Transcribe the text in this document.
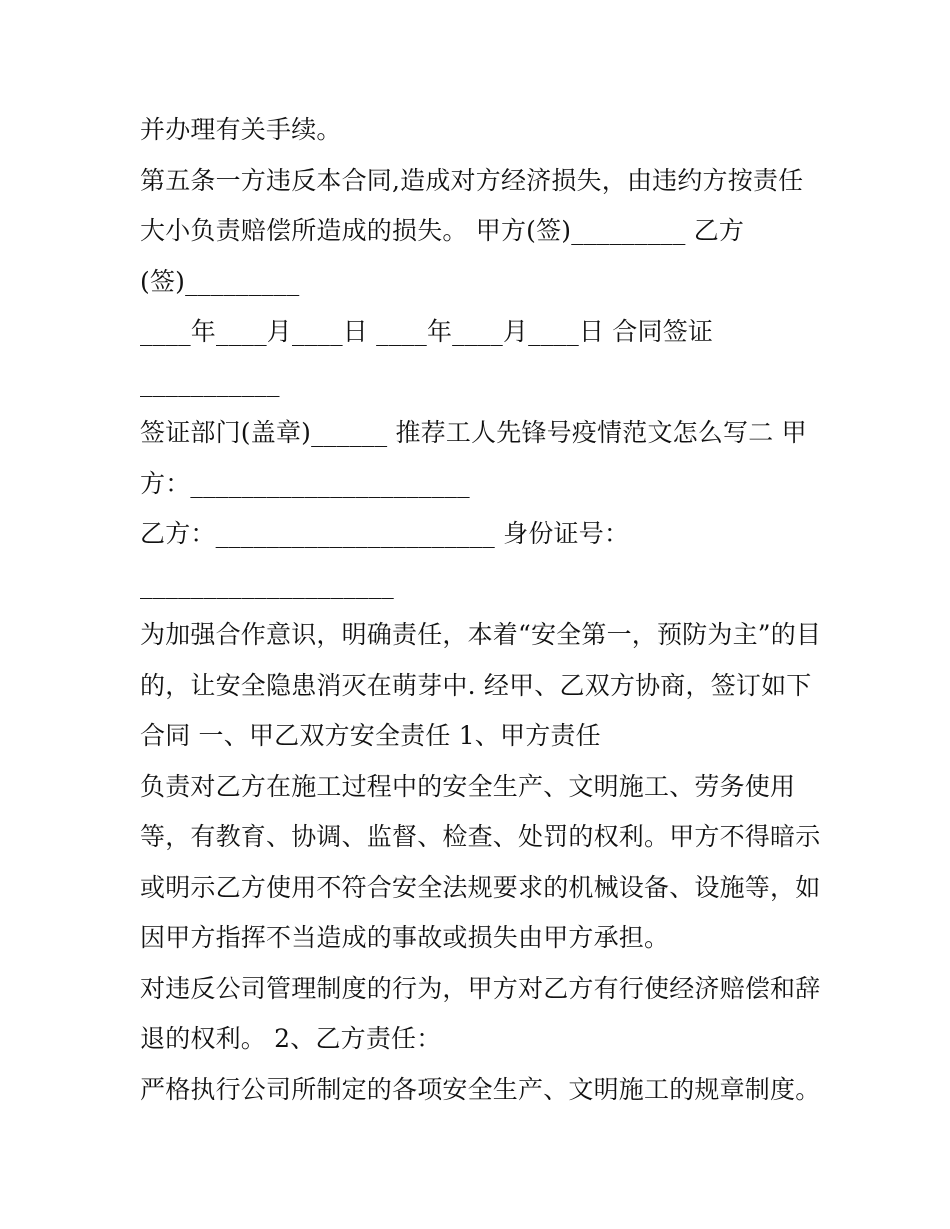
并办理有关手续。
第五条一方违反本合同,造成对方经济损失，由违约方按责任
大小负责赔偿所造成的损失。 甲方(签)_________ 乙方
(签)_________
____年____月____日 ____年____月____日 合同签证
___________
签证部门(盖章)______ 推荐工人先锋号疫情范文怎么写二 甲
方：______________________
乙方：______________________ 身份证号：
____________________
为加强合作意识，明确责任，本着“安全第一，预防为主”的目
的，让安全隐患消灭在萌芽中. 经甲、乙双方协商，签订如下
合同 一、甲乙双方安全责任 1、甲方责任
负责对乙方在施工过程中的安全生产、文明施工、劳务使用
等，有教育、协调、监督、检查、处罚的权利。甲方不得暗示
或明示乙方使用不符合安全法规要求的机械设备、设施等，如
因甲方指挥不当造成的事故或损失由甲方承担。
对违反公司管理制度的行为，甲方对乙方有行使经济赔偿和辞
退的权利。 2、乙方责任：
严格执行公司所制定的各项安全生产、文明施工的规章制度。
